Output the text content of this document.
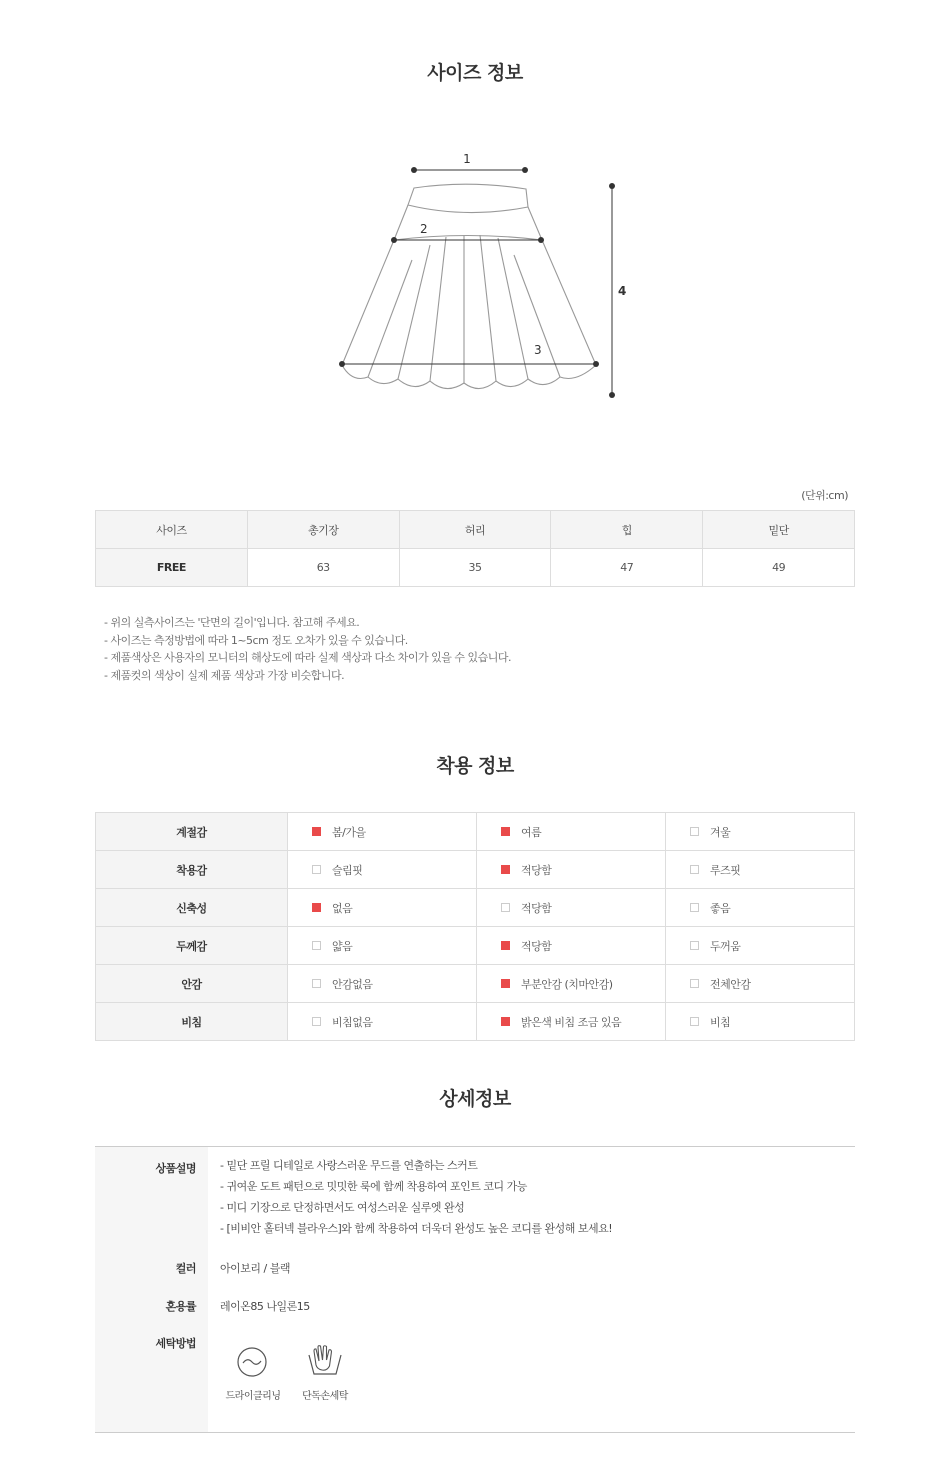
사이즈 정보
1
2
3
4
(단위:cm)
사이즈	총기장	허리	힙	밑단
FREE	63	35	47	49
- 위의 실측사이즈는 '단면의 길이'입니다. 참고해 주세요.
- 사이즈는 측정방법에 따라 1~5cm 정도 오차가 있을 수 있습니다.
- 제품색상은 사용자의 모니터의 해상도에 따라 실제 색상과 다소 차이가 있을 수 있습니다.
- 제품컷의 색상이 실제 제품 색상과 가장 비슷합니다.
착용 정보
계절감	봄/가을	여름	겨울
착용감	슬림핏	적당함	루즈핏
신축성	없음	적당함	좋음
두께감	얇음	적당함	두꺼움
안감	안감없음	부분안감 (치마안감)	전체안감
비침	비침없음	밝은색 비침 조금 있음	비침
상세정보
상품설명 - 밑단 프릴 디테일로 사랑스러운 무드를 연출하는 스커트
- 귀여운 도트 패턴으로 밋밋한 룩에 함께 착용하여 포인트 코디 가능
- 미디 기장으로 단정하면서도 여성스러운 실루엣 완성
- [비비안 홀터넥 블라우스]와 함께 착용하여 더욱더 완성도 높은 코디를 완성해 보세요!
컬러 아이보리 / 블랙
혼용률 레이온85 나일론15
세탁방법
드라이클리닝	단독손세탁
